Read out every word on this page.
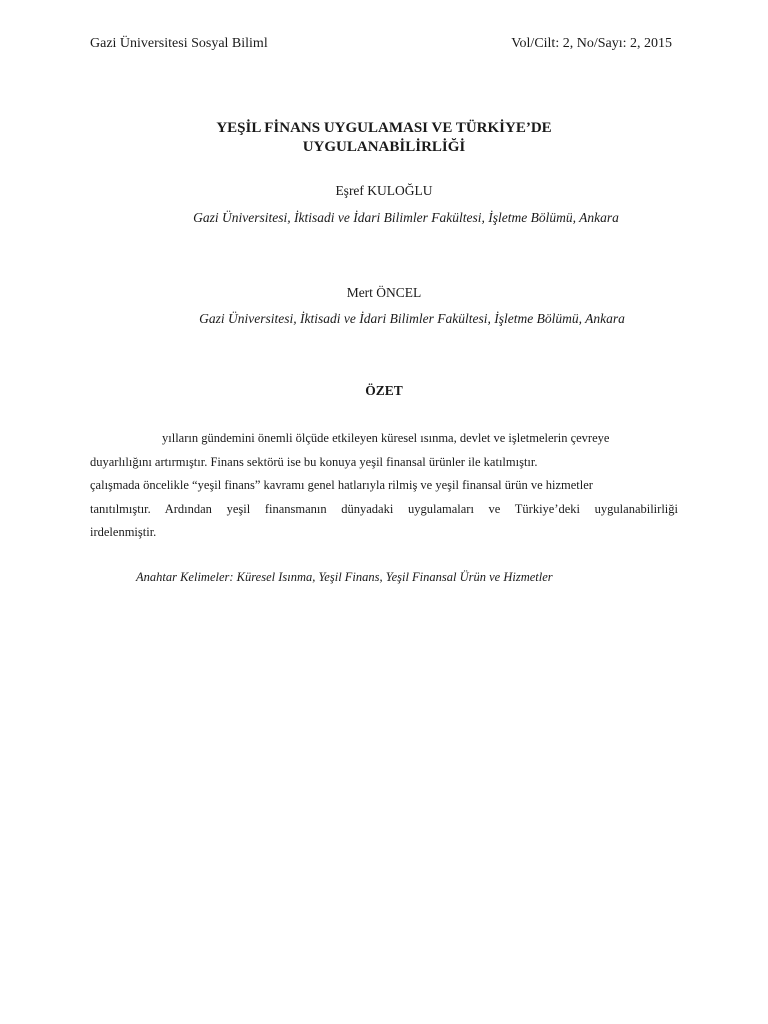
Gazi Üniversitesi Sosyal Biliml	Vol/Cilt: 2, No/Sayı: 2, 2015
YEŞİL FİNANS UYGULAMASI VE TÜRKİYE’DE
UYGULANABİLİRLİĞİ
Eşref KULOĞLU
Gazi Üniversitesi, İktisadi ve İdari Bilimler Fakültesi, İşletme Bölümü, Ankara
Mert ÖNCEL
Gazi Üniversitesi, İktisadi ve İdari Bilimler Fakültesi, İşletme Bölümü, Ankara
ÖZET
yılların gündemini önemli ölçüde etkileyen küresel ısınma, devlet ve işletmelerin çevreye
duyarlılığını artırmıştır. Finans sektörü ise bu konuya yeşil finansal ürünler ile katılmıştır.
çalışmada öncelikle “yeşil finans” kavramı genel hatlarıyla rilmiş ve yeşil finansal ürün ve hizmetler
tanıtılmıştır. Ardından yeşil finansmanın dünyadaki uygulamaları ve Türkiye’deki uygulanabilirliği
irdelenmiştir.
Anahtar Kelimeler: Küresel Isınma, Yeşil Finans, Yeşil Finansal Ürün ve Hizmetler
